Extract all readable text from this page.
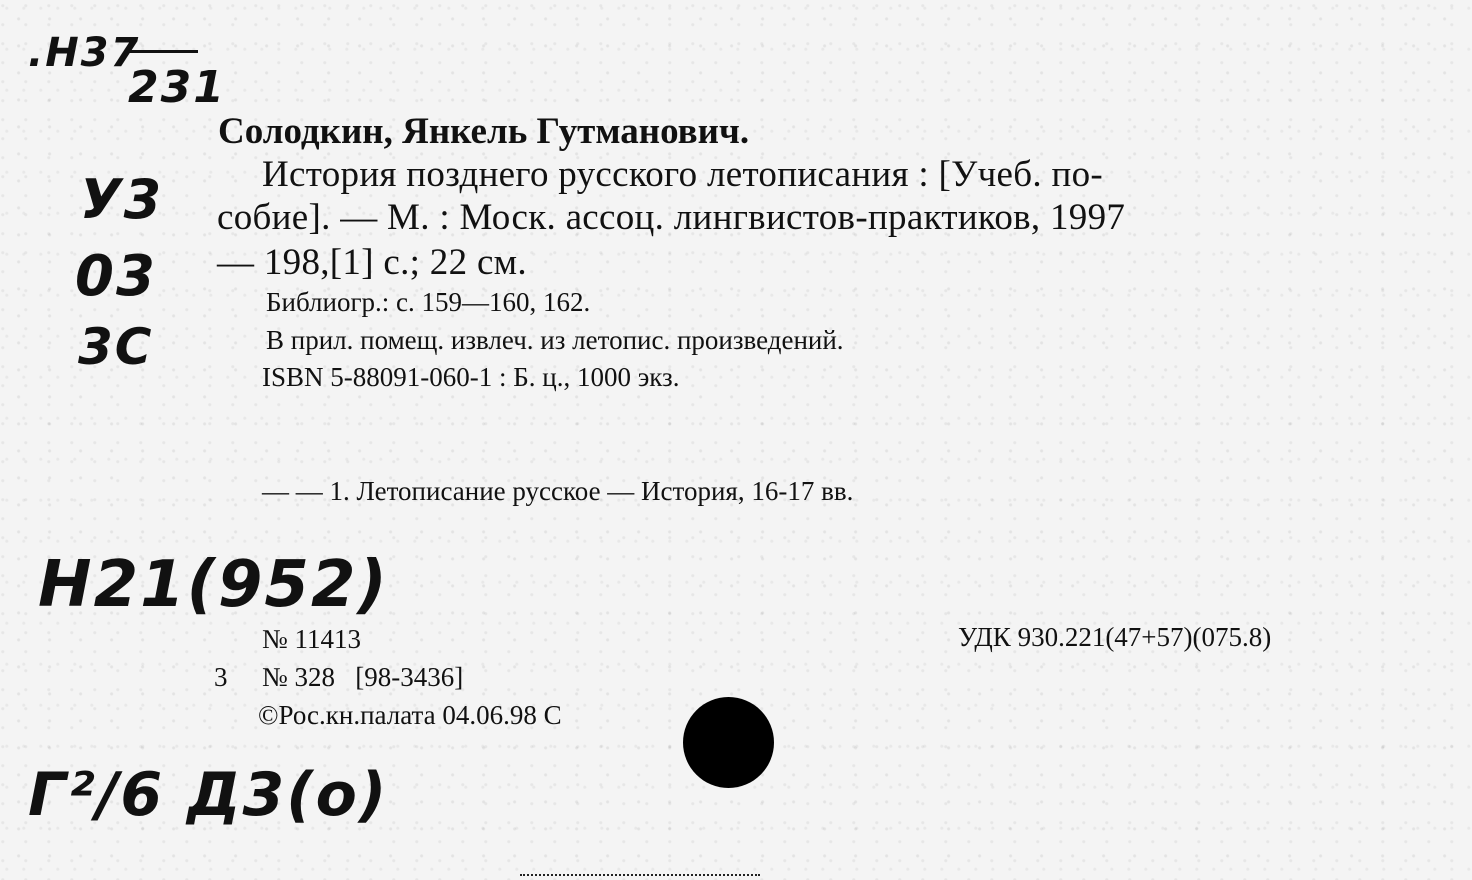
.Н37
231
У3
03
3С
Солодкин, Янкель Гутманович.
История позднего русского летописания : [Учеб. по-
собие]. — М. : Моск. ассоц. лингвистов-практиков, 1997
— 198,[1] с.; 22 см.
Библиогр.: с. 159—160, 162.
В прил. помещ. извлеч. из летопис. произведений.
ISBN 5-88091-060-1 : Б. ц., 1000 экз.
— — 1. Летописание русское — История, 16-17 вв.
Н21(952)
№ 11413	УДК 930.221(47+57)(075.8)
3 № 328   [98-3436]
©Рос.кн.палата 04.06.98 С
Г²/6 Д3(о)
